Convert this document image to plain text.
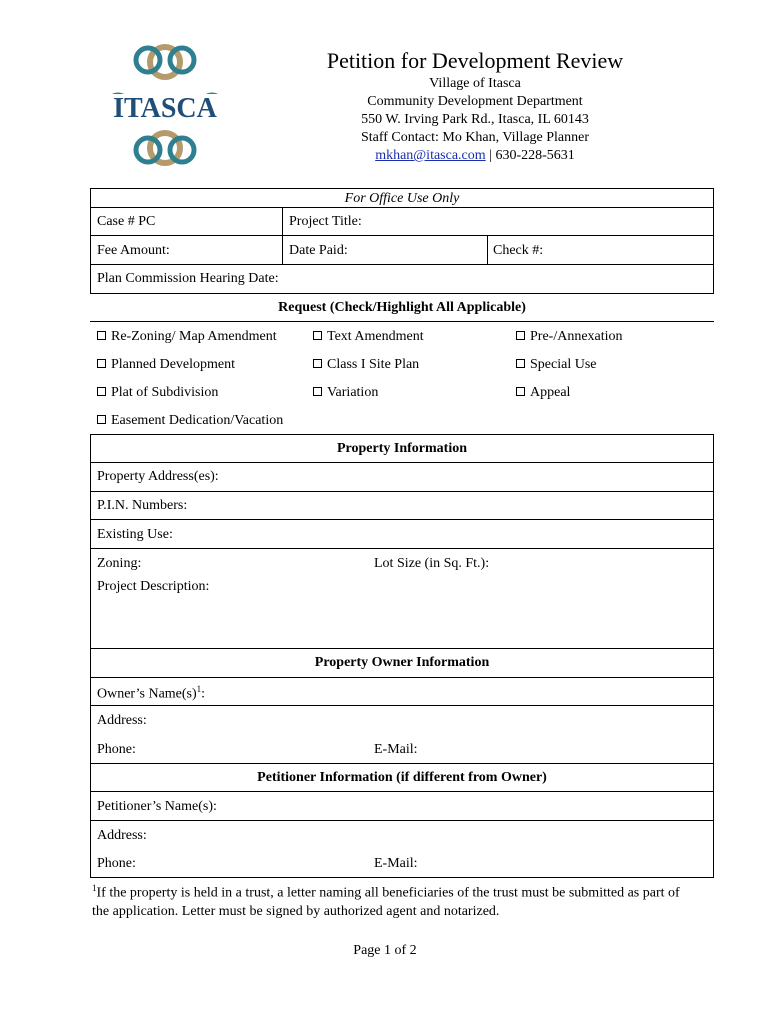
ITASCA
Petition for Development Review
Village of Itasca
Community Development Department
550 W. Irving Park Rd., Itasca, IL 60143
Staff Contact: Mo Khan, Village Planner
mkhan@itasca.com | 630-228-5631
For Office Use Only
Case # PC	Project Title:
Fee Amount:	Date Paid:	Check #:
Plan Commission Hearing Date:
Request (Check/Highlight All Applicable)
Re-Zoning/ Map Amendment	Text Amendment	Pre-/Annexation
Planned Development	Class I Site Plan	Special Use
Plat of Subdivision	Variation	Appeal
Easement Dedication/Vacation
Property Information
Property Address(es):
P.I.N. Numbers:
Existing Use:
Zoning:	Lot Size (in Sq. Ft.):
Project Description:
Property Owner Information
Owner’s $Name(s)^1$:
Address:
Phone:	E-Mail:
Petitioner Information (if different from Owner)
Petitioner’s Name(s):
Address:
Phone:	E-Mail:
$^1$If the property is held in a trust, a letter naming all beneficiaries of the trust must be submitted as part of the application. Letter must be signed by authorized agent and notarized.
Page 1 of 2
